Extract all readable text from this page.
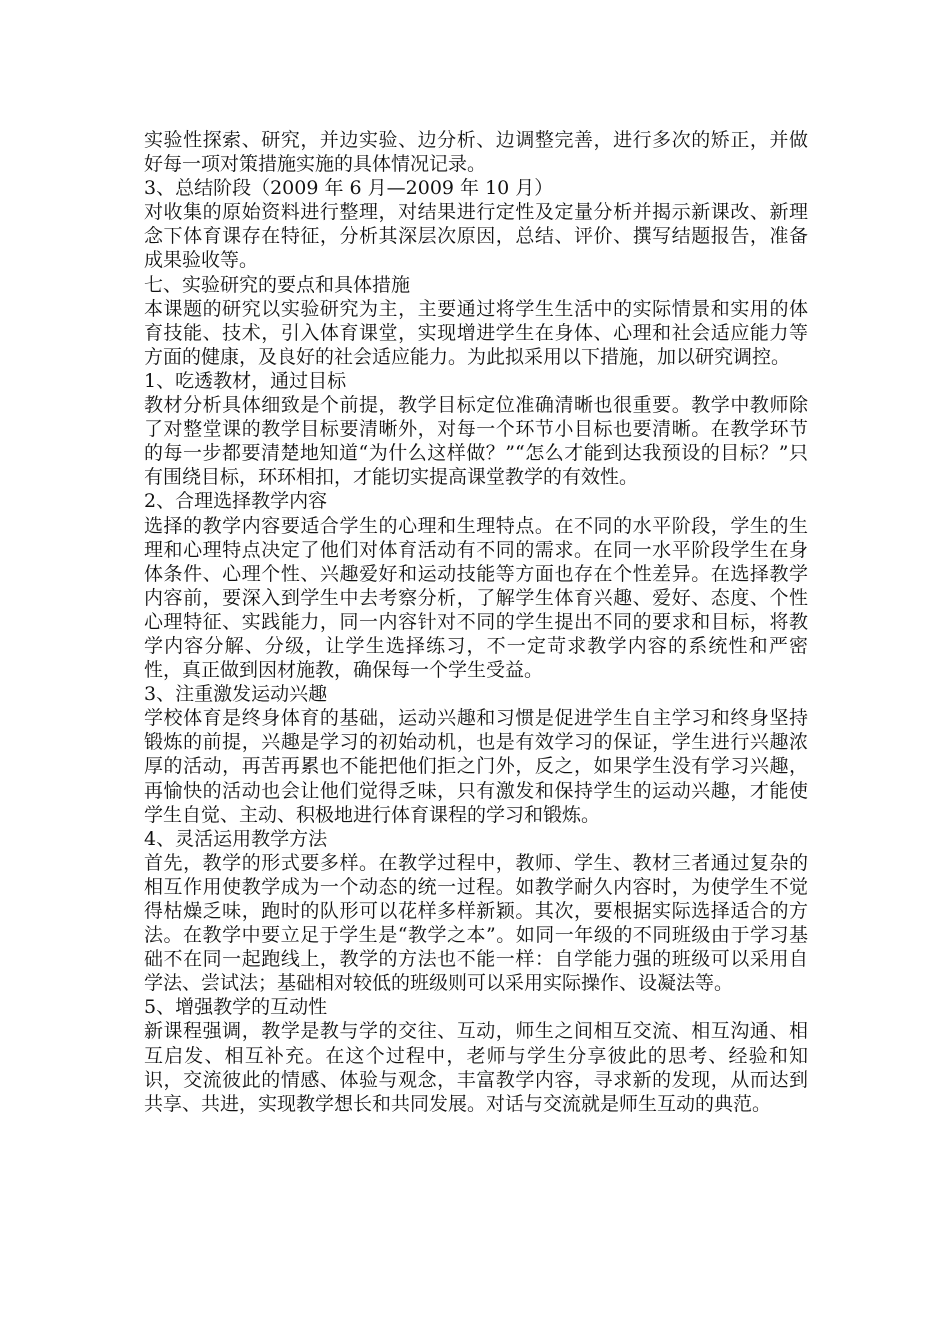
实验性探索、研究，并边实验、边分析、边调整完善，进行多次的矫正，并做好每一项对策措施实施的具体情况记录。

3、总结阶段（2009 年 6 月—2009 年 10 月）

对收集的原始资料进行整理，对结果进行定性及定量分析并揭示新课改、新理念下体育课存在特征，分析其深层次原因，总结、评价、撰写结题报告，准备成果验收等。

七、实验研究的要点和具体措施

本课题的研究以实验研究为主，主要通过将学生生活中的实际情景和实用的体育技能、技术，引入体育课堂，实现增进学生在身体、心理和社会适应能力等方面的健康，及良好的社会适应能力。为此拟采用以下措施，加以研究调控。

1、吃透教材，通过目标

教材分析具体细致是个前提，教学目标定位准确清晰也很重要。教学中教师除了对整堂课的教学目标要清晰外，对每一个环节小目标也要清晰。在教学环节的每一步都要清楚地知道“为什么这样做？”“怎么才能到达我预设的目标？”只有围绕目标，环环相扣，才能切实提高课堂教学的有效性。

2、合理选择教学内容

选择的教学内容要适合学生的心理和生理特点。在不同的水平阶段，学生的生理和心理特点决定了他们对体育活动有不同的需求。在同一水平阶段学生在身体条件、心理个性、兴趣爱好和运动技能等方面也存在个性差异。在选择教学内容前，要深入到学生中去考察分析，了解学生体育兴趣、爱好、态度、个性心理特征、实践能力，同一内容针对不同的学生提出不同的要求和目标，将教学内容分解、分级，让学生选择练习，不一定苛求教学内容的系统性和严密性，真正做到因材施教，确保每一个学生受益。

3、注重激发运动兴趣

学校体育是终身体育的基础，运动兴趣和习惯是促进学生自主学习和终身坚持锻炼的前提，兴趣是学习的初始动机，也是有效学习的保证，学生进行兴趣浓厚的活动，再苦再累也不能把他们拒之门外，反之，如果学生没有学习兴趣，再愉快的活动也会让他们觉得乏味，只有激发和保持学生的运动兴趣，才能使学生自觉、主动、积极地进行体育课程的学习和锻炼。

4、灵活运用教学方法

首先，教学的形式要多样。在教学过程中，教师、学生、教材三者通过复杂的相互作用使教学成为一个动态的统一过程。如教学耐久内容时，为使学生不觉得枯燥乏味，跑时的队形可以花样多样新颖。其次，要根据实际选择适合的方法。在教学中要立足于学生是“教学之本”。如同一年级的不同班级由于学习基础不在同一起跑线上，教学的方法也不能一样：自学能力强的班级可以采用自学法、尝试法；基础相对较低的班级则可以采用实际操作、设凝法等。

5、增强教学的互动性

新课程强调，教学是教与学的交往、互动，师生之间相互交流、相互沟通、相互启发、相互补充。在这个过程中，老师与学生分享彼此的思考、经验和知识，交流彼此的情感、体验与观念，丰富教学内容，寻求新的发现，从而达到共享、共进，实现教学想长和共同发展。对话与交流就是师生互动的典范。
